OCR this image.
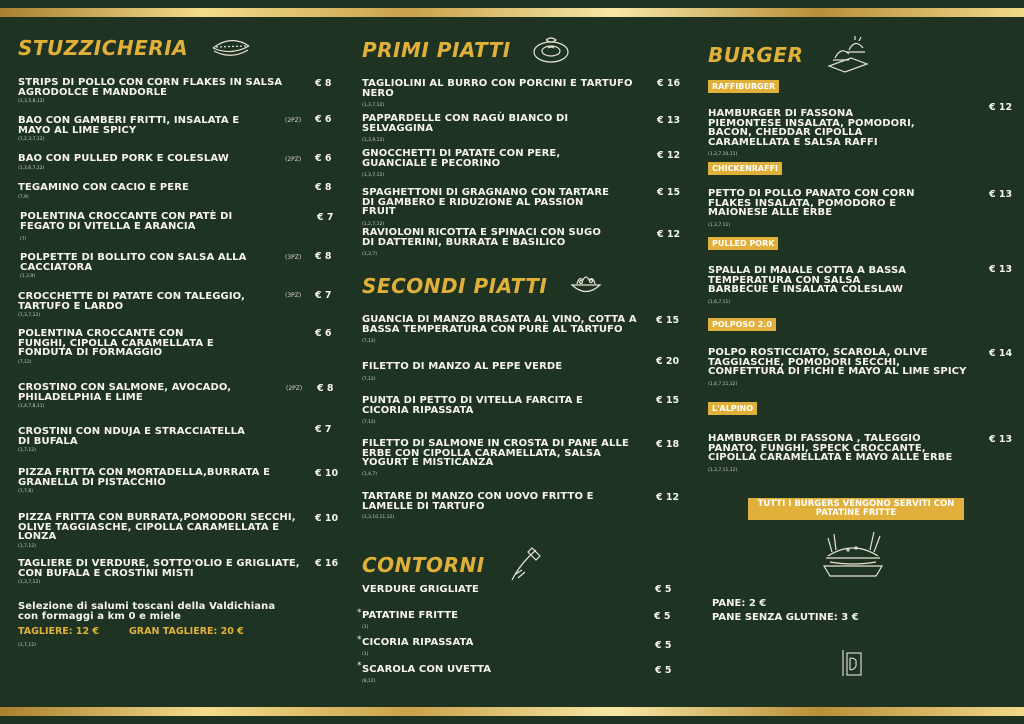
STUZZICHERIA
STRIPS DI POLLO CON CORN FLAKES IN SALSA AGRODOLCE E MANDORLE
(1,3,5,8,12)
€ 8
BAO CON GAMBERI FRITTI, INSALATA E MAYO AL LIME SPICY
(1,2,3,7,12)
(2PZ) € 6
BAO CON PULLED PORK E COLESLAW
(1,3,6,7,12)
(2PZ) € 6
TEGAMINO CON CACIO E PERE
(7,9)
€ 8
POLENTINA CROCCANTE CON PATÈ DI FEGATO DI VITELLA E ARANCIA
(7)
€ 7
POLPETTE DI BOLLITO CON SALSA ALLA CACCIATORA
(1,3,9)
(3PZ) € 8
CROCCHETTE DI PATATE CON TALEGGIO, TARTUFO E LARDO
(1,3,7,12)
(3PZ) € 7
POLENTINA CROCCANTE CON FUNGHI, CIPOLLA CARAMELLATA E FONDUTA DI FORMAGGIO
(7,12)
€ 6
CROSTINO CON SALMONE, AVOCADO, PHILADELPHIA E LIME
(1,4,7,8,11)
(2PZ) € 8
CROSTINI CON NDUJA E STRACCIATELLA DI BUFALA
(1,7,12)
€ 7
PIZZA FRITTA CON MORTADELLA,BURRATA E GRANELLA DI PISTACCHIO
(1,7,8)
€ 10
PIZZA FRITTA CON BURRATA,POMODORI SECCHI, OLIVE TAGGIASCHE, CIPOLLA CARAMELLATA E LONZA
(1,7,12)
€ 10
TAGLIERE DI VERDURE, SOTTO'OLIO E GRIGLIATE, CON BUFALA E CROSTINI MISTI
(1,3,7,12)
€ 16
Selezione di salumi toscani della Valdichiana con formaggi a km 0 e miele
TAGLIERE: 12 €	GRAN TAGLIERE: 20 €
(1,7,12)
PRIMI PIATTI
TAGLIOLINI AL BURRO CON PORCINI E TARTUFO NERO
(1,3,7,12)
€ 16
PAPPARDELLE CON RAGÙ BIANCO DI SELVAGGINA
(1,3,9,12)
€ 13
GNOCCHETTI DI PATATE CON PERE, GUANCIALE E PECORINO
(1,3,7,12)
€ 12
SPAGHETTONI DI GRAGNANO CON TARTARE DI GAMBERO E RIDUZIONE AL PASSION FRUIT
(1,2,7,12)
€ 15
RAVIOLONI RICOTTA E SPINACI CON SUGO DI DATTERINI, BURRATA E BASILICO
(1,3,7)
€ 12
SECONDI PIATTI
GUANCIA DI MANZO BRASATA AL VINO, COTTA A BASSA TEMPERATURA CON PURÈ AL TARTUFO
(7,12)
€ 15
FILETTO DI MANZO AL PEPE VERDE
(7,12)
€ 20
PUNTA DI PETTO DI VITELLA FARCITA E CICORIA RIPASSATA
(7,12)
€ 15
FILETTO DI SALMONE IN CROSTA DI PANE ALLE ERBE CON CIPOLLA CARAMELLATA, SALSA YOGURT E MISTICANZA
(1,4,7)
€ 18
TARTARE DI MANZO CON UOVO FRITTO E LAMELLE DI TARTUFO
(1,3,10,11,12)
€ 12
CONTORNI
VERDURE GRIGLIATE	€ 5
* PATATINE FRITTE
(1)
€ 5
* CICORIA RIPASSATA
(1)
€ 5
* SCAROLA CON UVETTA
(8,12)
€ 5
BURGER
RAFFIBURGER
HAMBURGER DI FASSONA PIEMONTESE INSALATA, POMODORI, BACON, CHEDDAR CIPOLLA CARAMELLATA E SALSA RAFFI
(1,3,7,10,11)
€ 12
CHICKENRAFFI
PETTO DI POLLO PANATO CON CORN FLAKES INSALATA, POMODORO E MAIONESE ALLE ERBE
(1,3,7,11)
€ 13
PULLED PORK
SPALLA DI MAIALE COTTA A BASSA TEMPERATURA CON SALSA BARBECUE E INSALATA COLESLAW
(1,6,7,11)
€ 13
POLPOSO 2.0
POLPO ROSTICCIATO, SCAROLA, OLIVE TAGGIASCHE, POMODORI SECCHI, CONFETTURA DI FICHI E MAYO AL LIME SPICY
(1,4,7,11,12)
€ 14
L'ALPINO
HAMBURGER DI FASSONA , TALEGGIO PANATO, FUNGHI, SPECK CROCCANTE, CIPOLLA CARAMELLATA E MAYO ALLE ERBE
(1,3,7,11,12)
€ 13
TUTTI I BURGERS VENGONO SERVITI CON PATATINE FRITTE
PANE: 2 €
PANE SENZA GLUTINE: 3 €
